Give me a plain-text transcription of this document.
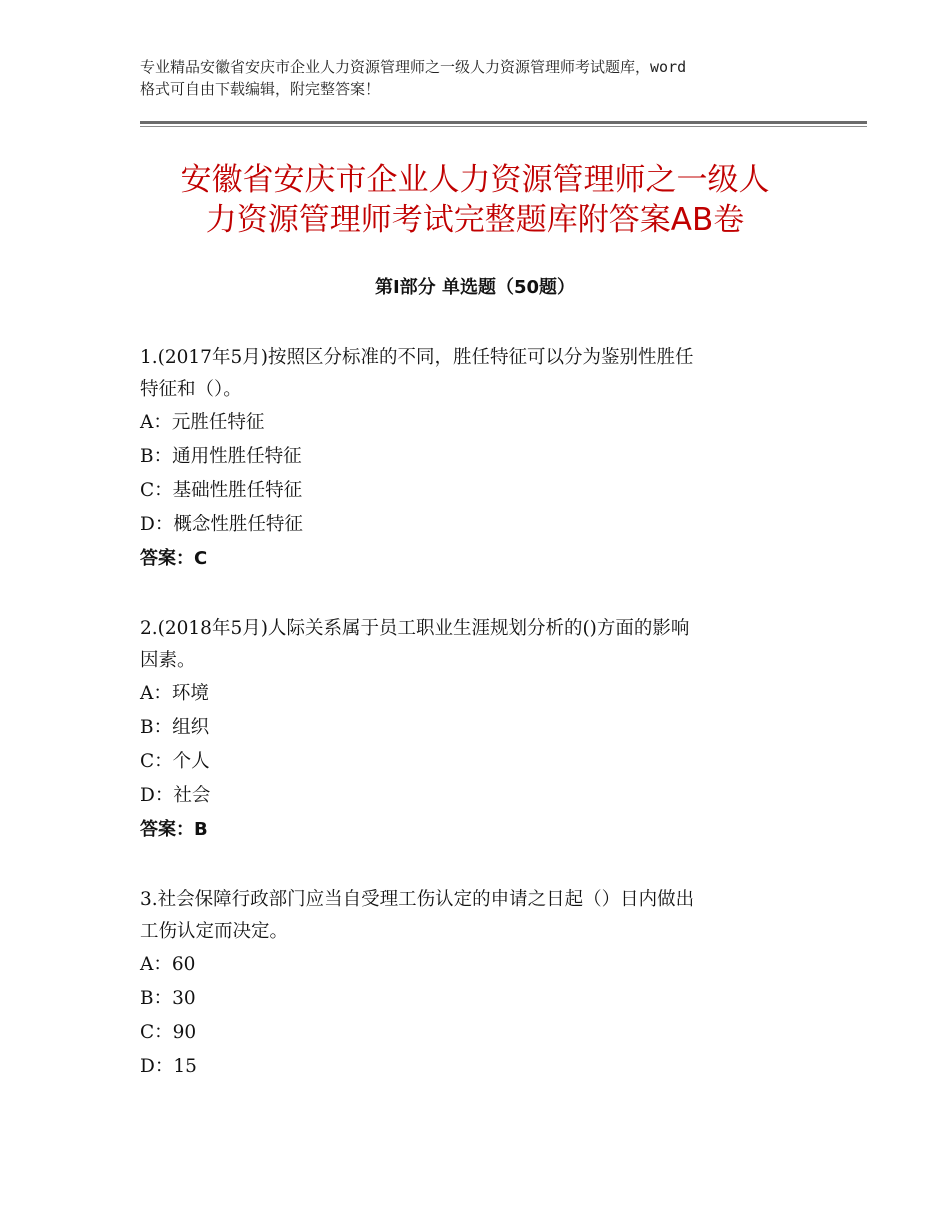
专业精品安徽省安庆市企业人力资源管理师之一级人力资源管理师考试题库，word
格式可自由下载编辑，附完整答案！
安徽省安庆市企业人力资源管理师之一级人
力资源管理师考试完整题库附答案AB卷
第Ⅰ部分 单选题（50题）
1.(2017年5月)按照区分标准的不同，胜任特征可以分为鉴别性胜任
特征和（）。
A：元胜任特征
B：通用性胜任特征
C：基础性胜任特征
D：概念性胜任特征
答案：C
2.(2018年5月)人际关系属于员工职业生涯规划分析的()方面的影响
因素。
A：环境
B：组织
C：个人
D：社会
答案：B
3.社会保障行政部门应当自受理工伤认定的申请之日起（）日内做出
工伤认定而决定。
A：60
B：30
C：90
D：15
